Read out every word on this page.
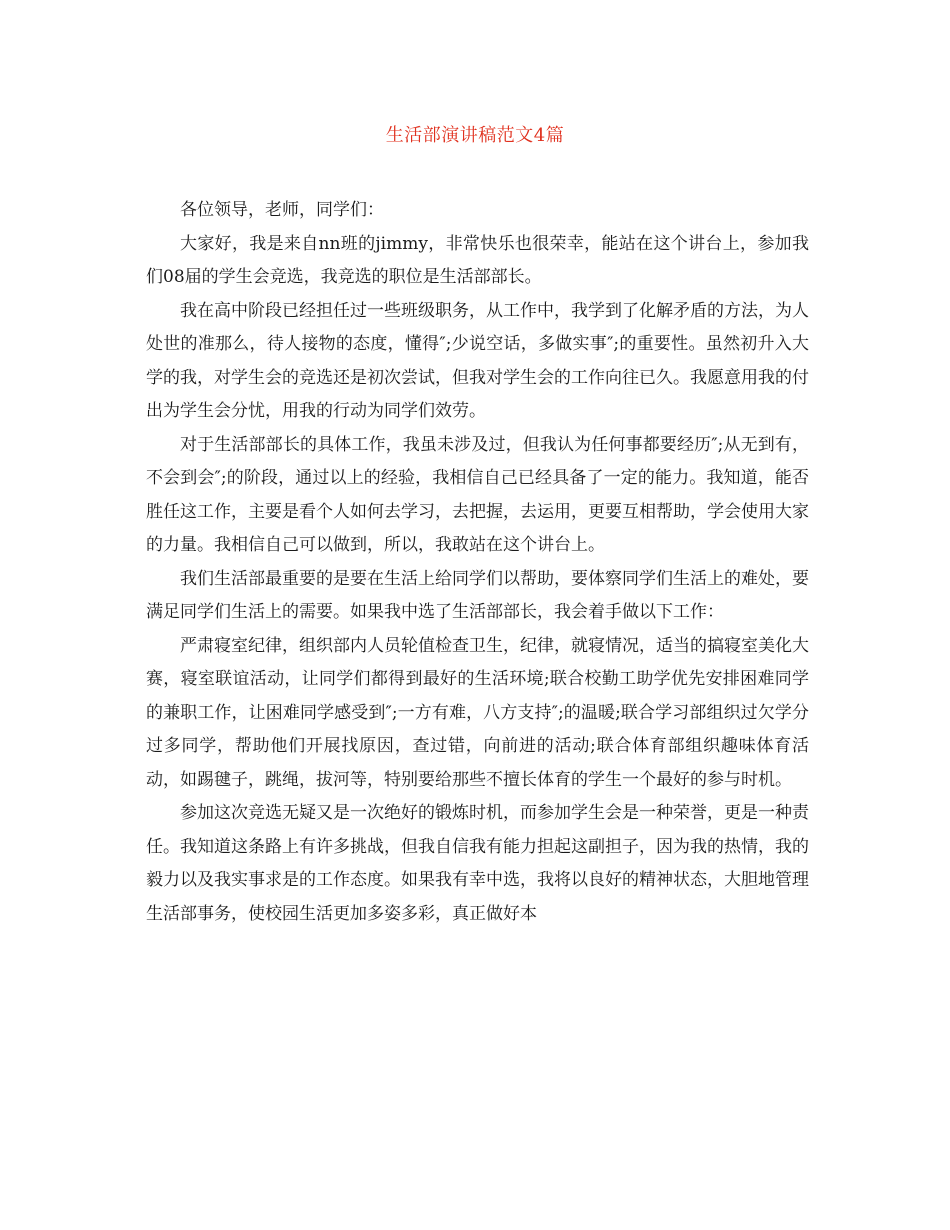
生活部演讲稿范文4篇

各位领导，老师，同学们：

大家好，我是来自nn班的jimmy，非常快乐也很荣幸，能站在这个讲台上，参加我们08届的学生会竞选，我竞选的职位是生活部部长。

我在高中阶段已经担任过一些班级职务，从工作中，我学到了化解矛盾的方法，为人处世的准那么，待人接物的态度，懂得″;少说空话，多做实事″;的重要性。虽然初升入大学的我，对学生会的竞选还是初次尝试，但我对学生会的工作向往已久。我愿意用我的付出为学生会分忧，用我的行动为同学们效劳。

对于生活部部长的具体工作，我虽未涉及过，但我认为任何事都要经历″;从无到有，不会到会″;的阶段，通过以上的经验，我相信自己已经具备了一定的能力。我知道，能否胜任这工作，主要是看个人如何去学习，去把握，去运用，更要互相帮助，学会使用大家的力量。我相信自己可以做到，所以，我敢站在这个讲台上。

我们生活部最重要的是要在生活上给同学们以帮助，要体察同学们生活上的难处，要满足同学们生活上的需要。如果我中选了生活部部长，我会着手做以下工作：

严肃寝室纪律，组织部内人员轮值检查卫生，纪律，就寝情况，适当的搞寝室美化大赛，寝室联谊活动，让同学们都得到最好的生活环境;联合校勤工助学优先安排困难同学的兼职工作，让困难同学感受到″;一方有难，八方支持″;的温暖;联合学习部组织过欠学分过多同学，帮助他们开展找原因，查过错，向前进的活动;联合体育部组织趣味体育活动，如踢毽子，跳绳，拔河等，特别要给那些不擅长体育的学生一个最好的参与时机。

参加这次竞选无疑又是一次绝好的锻炼时机，而参加学生会是一种荣誉，更是一种责任。我知道这条路上有许多挑战，但我自信我有能力担起这副担子，因为我的热情，我的毅力以及我实事求是的工作态度。如果我有幸中选，我将以良好的精神状态，大胆地管理生活部事务，使校园生活更加多姿多彩，真正做好本
